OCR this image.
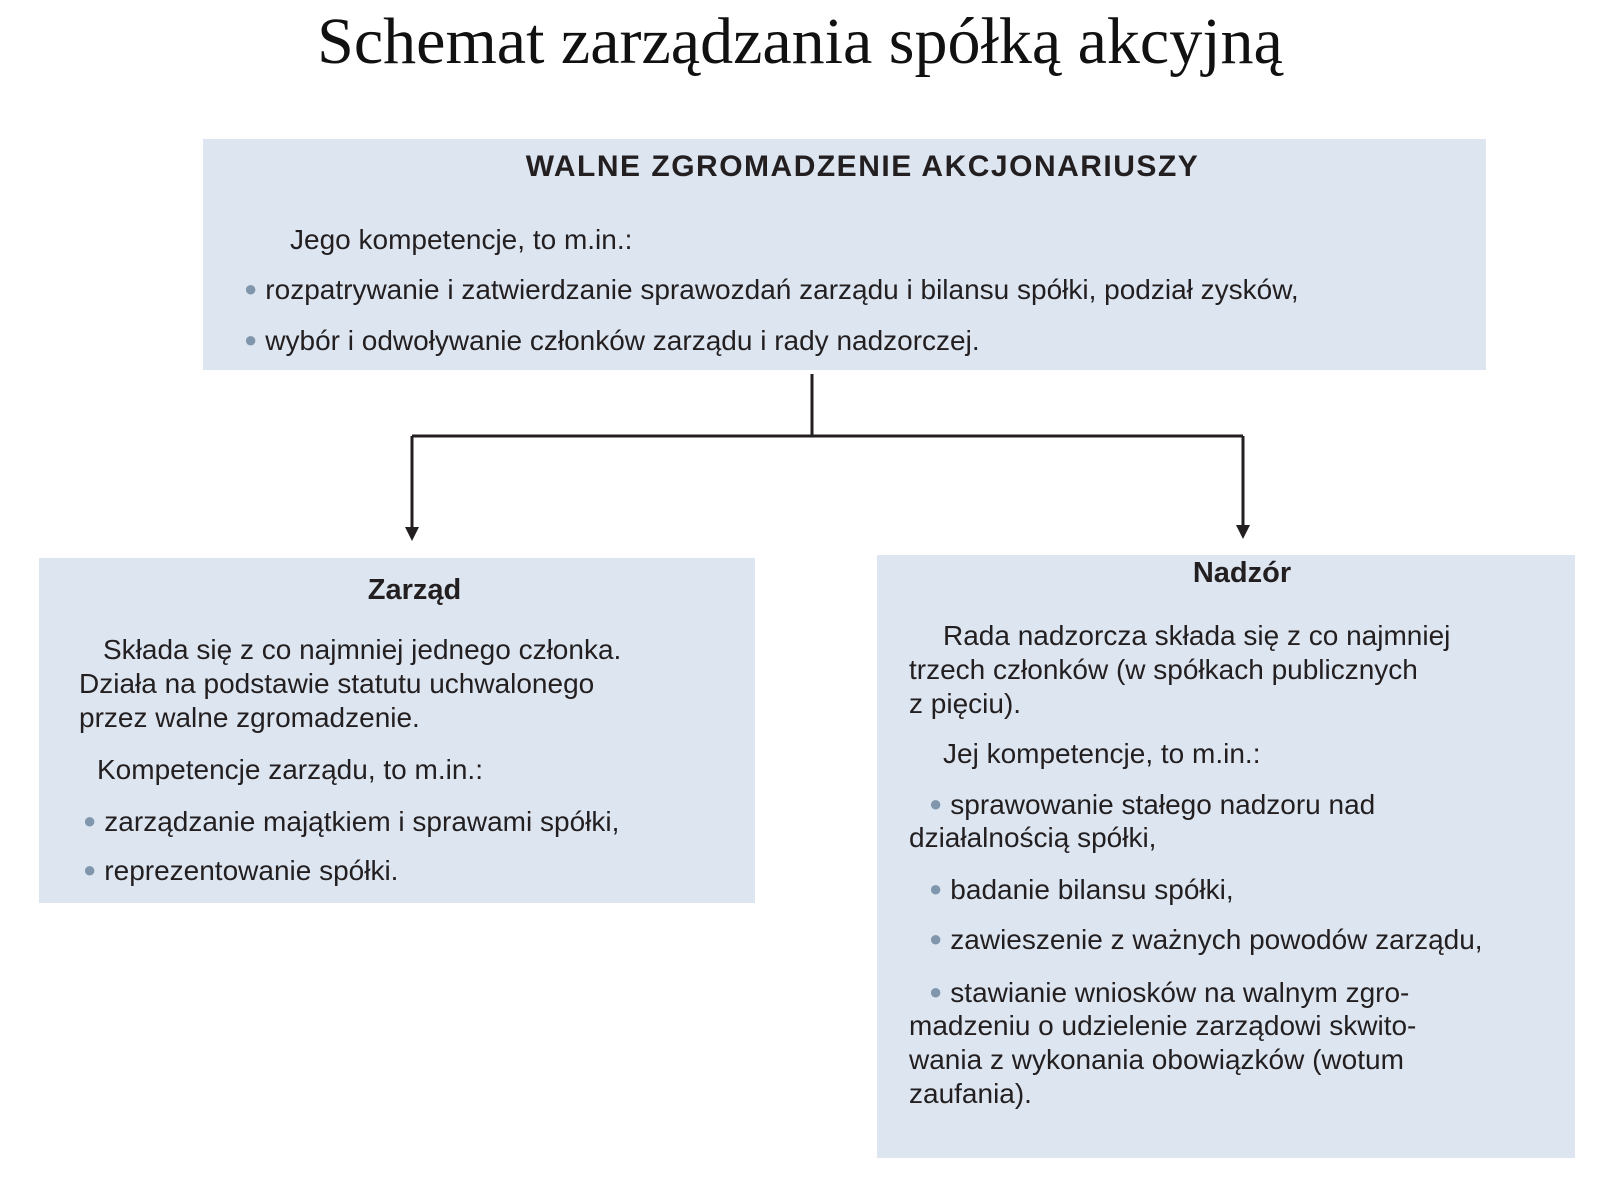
Schemat zarządzania spółką akcyjną
WALNE ZGROMADZENIE AKCJONARIUSZY
Jego kompetencje, to m.in.:
● rozpatrywanie i zatwierdzanie sprawozdań zarządu i bilansu spółki, podział zysków,
● wybór i odwoływanie członków zarządu i rady nadzorczej.
Zarząd
Składa się z co najmniej jednego członka.
Działa na podstawie statutu uchwalonego
przez walne zgromadzenie.
Kompetencje zarządu, to m.in.:
● zarządzanie majątkiem i sprawami spółki,
● reprezentowanie spółki.
Nadzór
Rada nadzorcza składa się z co najmniej
trzech członków (w spółkach publicznych
z pięciu).
Jej kompetencje, to m.in.:
● sprawowanie stałego nadzoru nad
działalnością spółki,
● badanie bilansu spółki,
● zawieszenie z ważnych powodów zarządu,
● stawianie wniosków na walnym zgro-
madzeniu o udzielenie zarządowi skwito-
wania z wykonania obowiązków (wotum
zaufania).
